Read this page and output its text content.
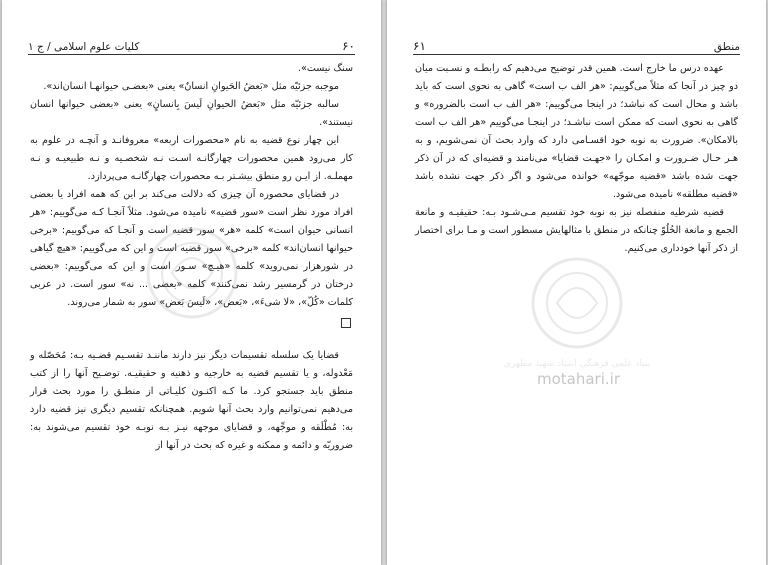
۶۰
کلیات علوم اسلامی / ج ۱

سنگ نیست».

موجبه جزئیّه مثل «بَعضُ الحَیوانِ انسانٌ» یعنی «بعضـی حیوانهـا انسان‌اند».

سالبه جزئیّه مثل «بَعضُ الحیوانِ لَیسَ بِانسانٍ» یعنی «بعضی حیوانها انسان نیستند».

این چهار نوع قضیه به نام «محصورات اربعه» معروفانـد و آنچـه در علوم به کار می‌رود همین محصورات چهارگانـه اسـت نـه شخصـیه و نـه طبیعیـه و نـه مهملـه. از ایـن رو منطق بیشـتر بـه محصورات چهارگانـه می‌پردازد.

در قضایای محصوره آن چیزی که دلالت می‌کند بر این که همه افراد یا بعضی افراد مورد نظر است «سور قضیه» نامیده می‌شود. مثلاً آنجـا کـه می‌گوییم: «هر انسانی حیوان است» کلمه «هر» سور قضیه است و آنجـا که می‌گوییم: «برخی حیوانها انسان‌اند» کلمه «برخی» سور قضیه است و این که می‌گوییم: «هیچ گیاهی در شورهزار نمی‌روید» کلمه «هیـچ» سـور است و این که می‌گوییم: «بعضی درختان در گرمسیر رشد نمی‌کنند» کلمه «بعضی ... نه» سور است. در عربی کلمات «کُلّ»، «لا شیءَ»، «بَعض»، «لَیسَ بَعض» سور به شمار می‌روند.

قضایا یک سلسله تقسیمات دیگر نیز دارند ماننـد تقسـیم قضـیه بـه: مُحَصّله و مَعْدوله، و یا تقسیم قضیه به خارجیه و ذهنیه و حقیقیـه. توضـیح آنها را از کتب منطق باید جستجو کرد. ما کـه اکنـون کلیـاتی از منطـق را مورد بحث قرار می‌دهیم نمی‌توانیم وارد بحث آنها شویم. همچنانکه تقسیم دیگری نیز قضیه دارد به: مُطْلَقه و موجِّهه، و قضایای موجهه نیـز بـه نوبـه خود تقسیم می‌شوند به: ضروریّه و دائمه و ممکنه و غیره که بحث در آنها از

۶۱	منطق

عهده درس ما خارج است. همین قدر توضیح می‌دهیم که رابطـه و نسـبت میان دو چیز در آنجا که مثلاً می‌گوییم: «هر الف ب است» گاهی به نحوی است که باید باشد و محال است که نباشد؛ در اینجا می‌گوییم: «هر الف ب است بالضروره» و گاهی به نحوی است که ممکن است نباشـد؛ در اینجـا می‌گوییم «هر الف ب است بالامکان». ضرورت به نوبه خود اقسـامی دارد که وارد بحث آن نمی‌شویم، و به هـر حـال ضـرورت و امکـان را «جهـت قضایا» می‌نامند و قضیه‌ای که در آن ذکر جهت شده باشد «قضیه موجّهه» خوانده می‌شود و اگر ذکر جهت نشده باشد «قضیه مطلقه» نامیده می‌شود.

قضیه شرطیه منفصله نیز به نوبه خود تقسیم مـی‌شـود بـه: حقیقیـه و مانعة الجمع و مانعة الخُلُوّ چنانکه در منطق با مثالهایش مسطور است و مـا برای اختصار از ذکر آنها خودداری می‌کنیم.

بنیاد علمی فرهنگی استاد شهید مطهری
motahari.ir
